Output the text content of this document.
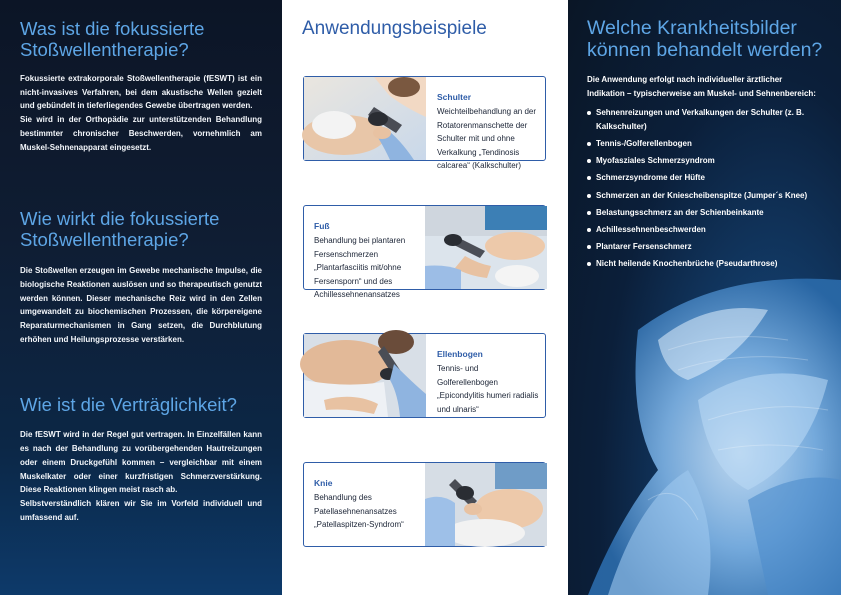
Was ist die fokussierte Stoßwellentherapie?

Fokussierte extrakorporale Stoßwellentherapie (fESWT) ist ein nicht-invasives Verfahren, bei dem akustische Wellen gezielt und gebündelt in tieferliegendes Gewebe übertragen werden.

Sie wird in der Orthopädie zur unterstützenden Behandlung bestimmter chronischer Beschwerden, vornehmlich am Muskel-Sehnenapparat eingesetzt.

Wie wirkt die fokussierte Stoßwellentherapie?

Die Stoßwellen erzeugen im Gewebe mechanische Impulse, die biologische Reaktionen auslösen und so therapeutisch genutzt werden können. Dieser mechanische Reiz wird in den Zellen umgewandelt zu biochemischen Prozessen, die körpereigene Reparaturmechanismen in Gang setzen, die Durchblutung erhöhen und Heilungsprozesse verstärken.

Wie ist die Verträglichkeit?

Die fESWT wird in der Regel gut vertragen. In Einzelfällen kann es nach der Behandlung zu vorübergehenden Hautreizungen oder einem Druckgefühl kommen – vergleichbar mit einem Muskelkater oder einer kurzfristigen Schmerzverstärkung. Diese Reaktionen klingen meist rasch ab.

Selbstverständlich klären wir Sie im Vorfeld individuell und umfassend auf.

Anwendungsbeispiele
Schulter
Weichteilbehandlung an der Rotatorenmanschette der Schulter mit und ohne Verkalkung „Tendinosis calcarea“ (Kalkschulter)
Fuß
Behandlung bei plantaren Fersenschmerzen „Plantarfasciitis mit/ohne Fersensporn“ und des Achillessehnenansatzes
Ellenbogen
Tennis- und Golferellenbogen „Epicondylitis humeri radialis und ulnaris“
Knie
Behandlung des Patellasehnenansatzes „Patellaspitzen-Syndrom“
Welche Krankheitsbilder können behandelt werden?
Die Anwendung erfolgt nach individueller ärztlicher Indikation – typischerweise am Muskel- und Sehnenbereich:
Sehnenreizungen und Verkalkungen der Schulter (z. B. Kalkschulter)
Tennis-/Golferellenbogen
Myofasziales Schmerzsyndrom
Schmerzsyndrome der Hüfte
Schmerzen an der Kniescheibenspitze (Jumper´s Knee)
Belastungsschmerz an der Schienbeinkante
Achillessehnenbeschwerden
Plantarer Fersenschmerz
Nicht heilende Knochenbrüche (Pseudarthrose)
